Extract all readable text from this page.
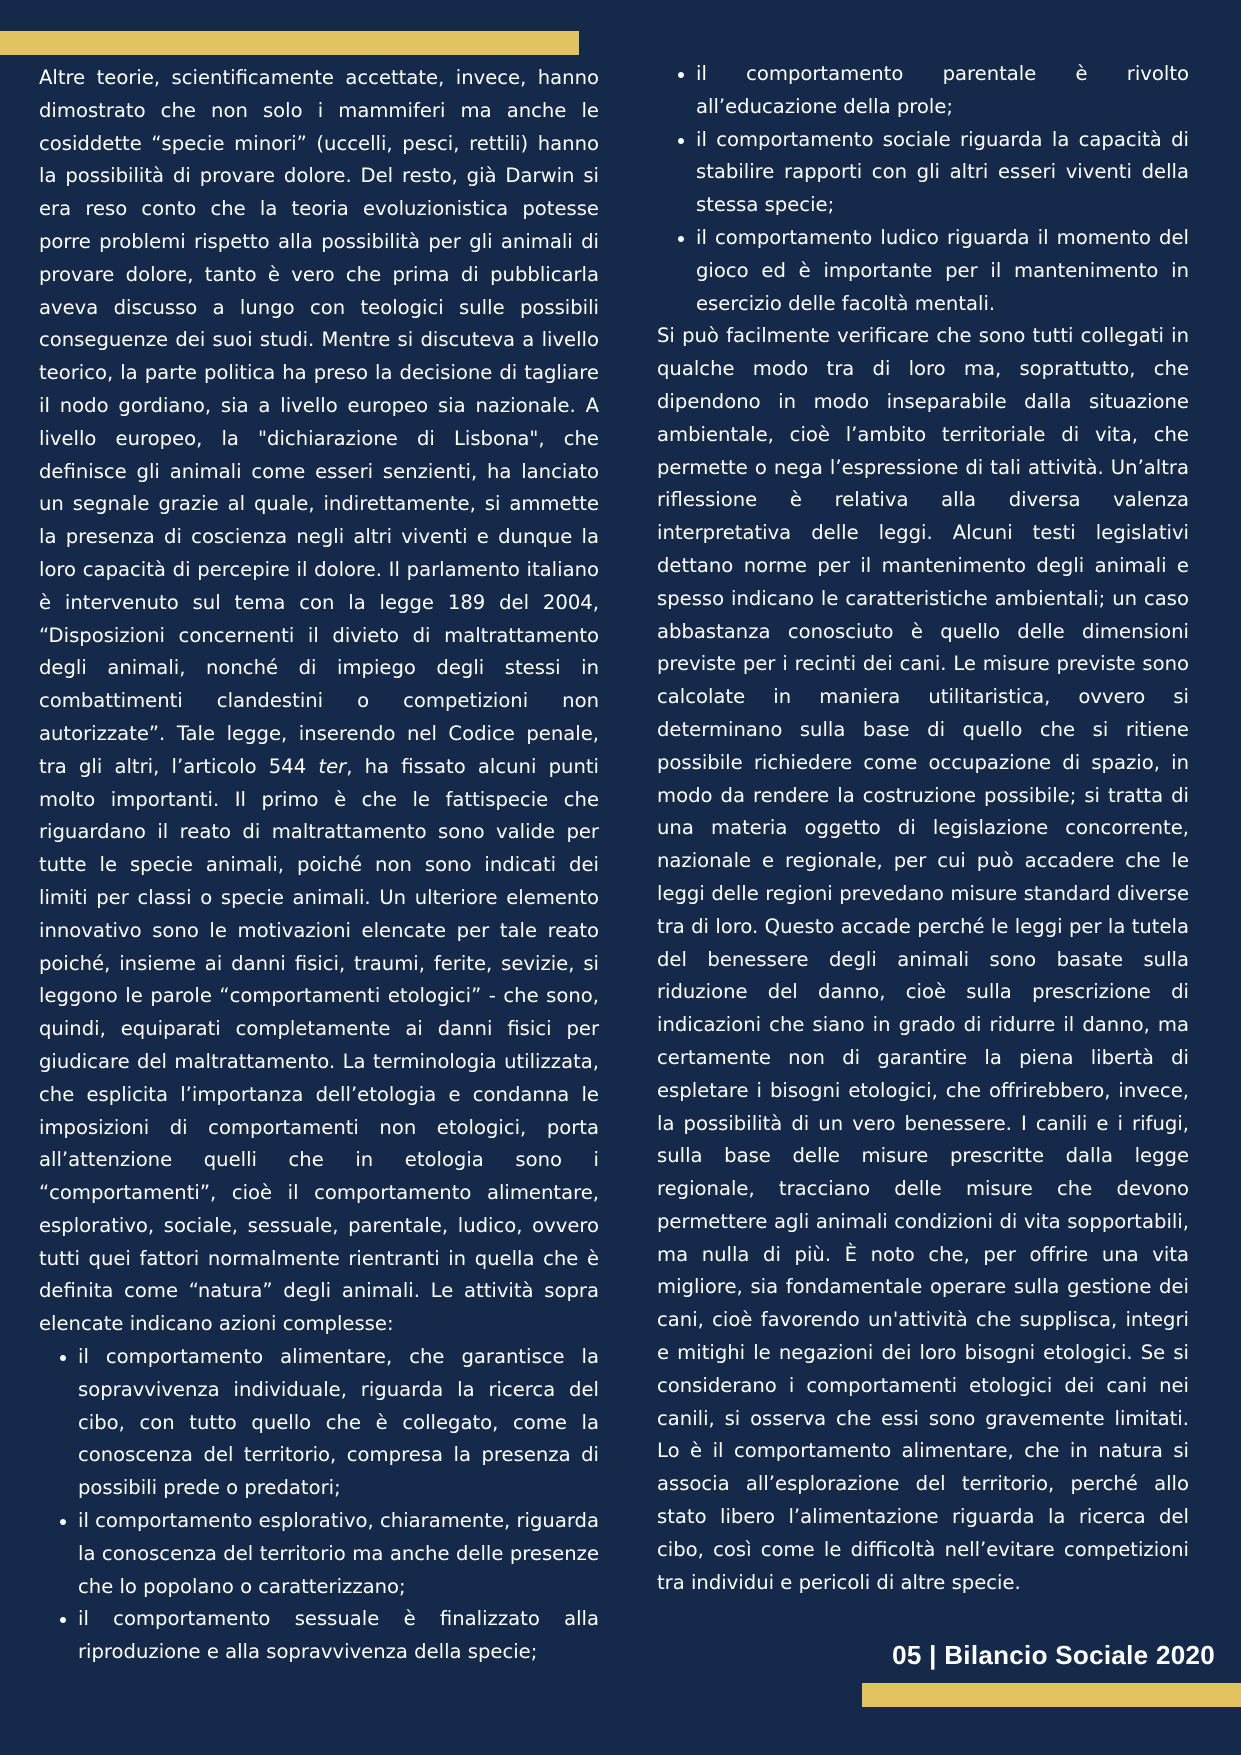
Altre teorie, scientificamente accettate, invece, hanno dimostrato che non solo i mammiferi ma anche le cosiddette “specie minori” (uccelli, pesci, rettili) hanno la possibilità di provare dolore. Del resto, già Darwin si era reso conto che la teoria evoluzionistica potesse porre problemi rispetto alla possibilità per gli animali di provare dolore, tanto è vero che prima di pubblicarla aveva discusso a lungo con teologici sulle possibili conseguenze dei suoi studi. Mentre si discuteva a livello teorico, la parte politica ha preso la decisione di tagliare il nodo gordiano, sia a livello europeo sia nazionale. A livello europeo, la "dichiarazione di Lisbona", che definisce gli animali come esseri senzienti, ha lanciato un segnale grazie al quale, indirettamente, si ammette la presenza di coscienza negli altri viventi e dunque la loro capacità di percepire il dolore. Il parlamento italiano è intervenuto sul tema con la legge 189 del 2004, “Disposizioni concernenti il divieto di maltrattamento degli animali, nonché di impiego degli stessi in combattimenti clandestini o competizioni non autorizzate”. Tale legge, inserendo nel Codice penale, tra gli altri, l’articolo 544 ter, ha fissato alcuni punti molto importanti. Il primo è che le fattispecie che riguardano il reato di maltrattamento sono valide per tutte le specie animali, poiché non sono indicati dei limiti per classi o specie animali. Un ulteriore elemento innovativo sono le motivazioni elencate per tale reato poiché, insieme ai danni fisici, traumi, ferite, sevizie, si leggono le parole “comportamenti etologici” - che sono, quindi, equiparati completamente ai danni fisici per giudicare del maltrattamento. La terminologia utilizzata, che esplicita l’importanza dell’etologia e condanna le imposizioni di comportamenti non etologici, porta all’attenzione quelli che in etologia sono i “comportamenti”, cioè il comportamento alimentare, esplorativo, sociale, sessuale, parentale, ludico, ovvero tutti quei fattori normalmente rientranti in quella che è definita come “natura” degli animali. Le attività sopra elencate indicano azioni complesse:

• il comportamento alimentare, che garantisce la sopravvivenza individuale, riguarda la ricerca del cibo, con tutto quello che è collegato, come la conoscenza del territorio, compresa la presenza di possibili prede o predatori;
• il comportamento esplorativo, chiaramente, riguarda la conoscenza del territorio ma anche delle presenze che lo popolano o caratterizzano;
• il comportamento sessuale è finalizzato alla riproduzione e alla sopravvivenza della specie;
• il comportamento parentale è rivolto all’educazione della prole;
• il comportamento sociale riguarda la capacità di stabilire rapporti con gli altri esseri viventi della stessa specie;
• il comportamento ludico riguarda il momento del gioco ed è importante per il mantenimento in esercizio delle facoltà mentali.

Si può facilmente verificare che sono tutti collegati in qualche modo tra di loro ma, soprattutto, che dipendono in modo inseparabile dalla situazione ambientale, cioè l’ambito territoriale di vita, che permette o nega l’espressione di tali attività. Un’altra riflessione è relativa alla diversa valenza interpretativa delle leggi. Alcuni testi legislativi dettano norme per il mantenimento degli animali e spesso indicano le caratteristiche ambientali; un caso abbastanza conosciuto è quello delle dimensioni previste per i recinti dei cani. Le misure previste sono calcolate in maniera utilitaristica, ovvero si determinano sulla base di quello che si ritiene possibile richiedere come occupazione di spazio, in modo da rendere la costruzione possibile; si tratta di una materia oggetto di legislazione concorrente, nazionale e regionale, per cui può accadere che le leggi delle regioni prevedano misure standard diverse tra di loro. Questo accade perché le leggi per la tutela del benessere degli animali sono basate sulla riduzione del danno, cioè sulla prescrizione di indicazioni che siano in grado di ridurre il danno, ma certamente non di garantire la piena libertà di espletare i bisogni etologici, che offrirebbero, invece, la possibilità di un vero benessere. I canili e i rifugi, sulla base delle misure prescritte dalla legge regionale, tracciano delle misure che devono permettere agli animali condizioni di vita sopportabili, ma nulla di più. È noto che, per offrire una vita migliore, sia fondamentale operare sulla gestione dei cani, cioè favorendo un'attività che supplisca, integri e mitighi le negazioni dei loro bisogni etologici. Se si considerano i comportamenti etologici dei cani nei canili, si osserva che essi sono gravemente limitati. Lo è il comportamento alimentare, che in natura si associa all’esplorazione del territorio, perché allo stato libero l’alimentazione riguarda la ricerca del cibo, così come le difficoltà nell’evitare competizioni tra individui e pericoli di altre specie.

05 | Bilancio Sociale 2020
